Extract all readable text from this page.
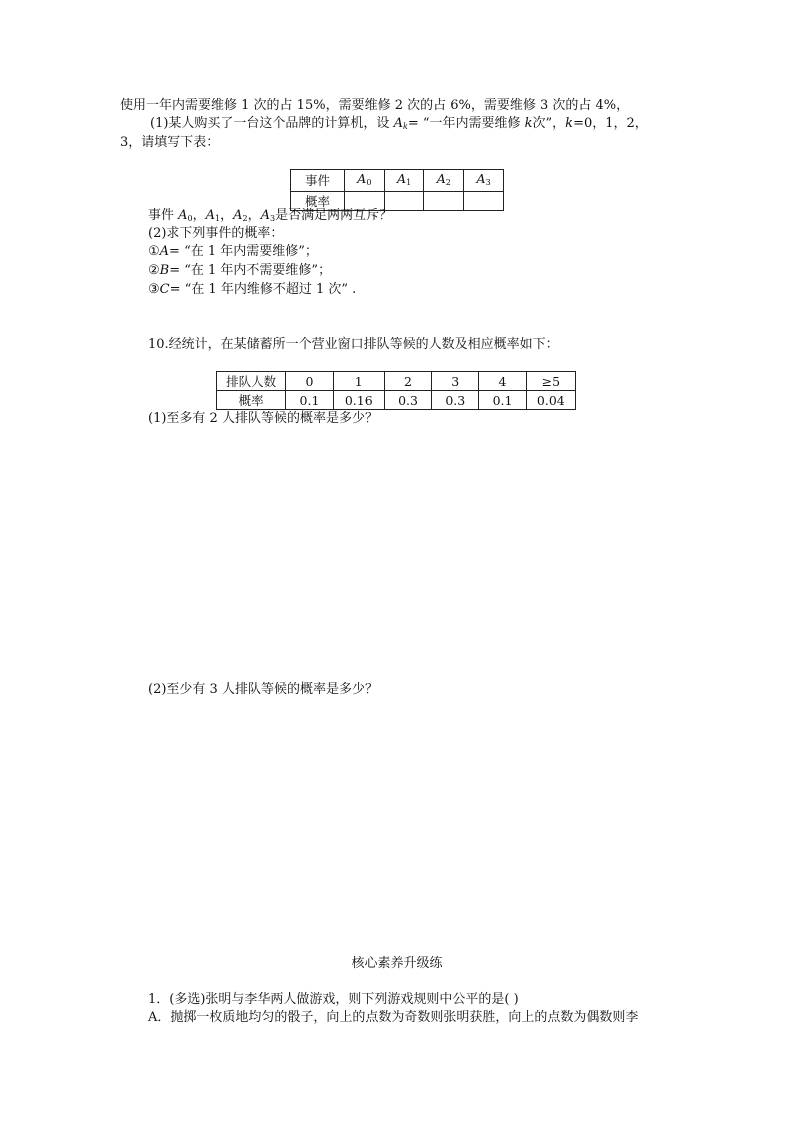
使用一年内需要维修 1 次的占 15%，需要维修 2 次的占 6%，需要维修 3 次的占 4%，
(1)某人购买了一台这个品牌的计算机，设 $A_k=$ “一年内需要维修 k次”，k=0，1，2，
3，请填写下表：
事件	$A_0$	$A_1$	$A_2$	$A_3$
概率				
事件 $A_0$，$A_1$，$A_2$，$A_3$是否满足两两互斥？
(2)求下列事件的概率：
①A= “在 1 年内需要维修”；
②B= “在 1 年内不需要维修”；
③C= “在 1 年内维修不超过 1 次” .
10.经统计，在某储蓄所一个营业窗口排队等候的人数及相应概率如下：
排队人数	0	1	2	3	4	≥5
概率	0.1	0.16	0.3	0.3	0.1	0.04
(1)至多有 2 人排队等候的概率是多少？
(2)至少有 3 人排队等候的概率是多少？
核心素养升级练
1．(多选)张明与李华两人做游戏，则下列游戏规则中公平的是( )
A．抛掷一枚质地均匀的骰子，向上的点数为奇数则张明获胜，向上的点数为偶数则李
